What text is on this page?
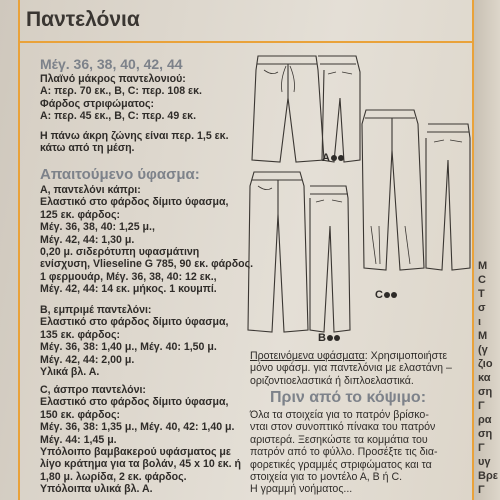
Παντελόνια
Μέγ. 36, 38, 40, 42, 44
Πλαϊνό μάκρος παντελονιού:
Α: περ. 70 εκ., B, C: περ. 108 εκ.
Φάρδος στριφώματος:
Α: περ. 45 εκ., B, C: περ. 49 εκ.
Η πάνω άκρη ζώνης είναι περ. 1,5 εκ.
κάτω από τη μέση.
Απαιτούμενο ύφασμα:
Α, παντελόνι κάπρι:
Ελαστικό στο φάρδος δίμιτο ύφασμα,
125 εκ. φάρδος:
Μέγ. 36, 38, 40: 1,25 μ.,
Μέγ. 42, 44: 1,30 μ.
0,20 μ. σιδερότυπη υφασμάτινη
ενίσχυση, Vlieseline G 785, 90 εκ. φάρδος.
1 φερμουάρ, Μέγ. 36, 38, 40: 12 εκ.,
Μέγ. 42, 44: 14 εκ. μήκος. 1 κουμπί.
Β, εμπριμέ παντελόνι:
Ελαστικό στο φάρδος δίμιτο ύφασμα,
135 εκ. φάρδος:
Μέγ. 36, 38: 1,40 μ., Μέγ. 40: 1,50 μ.
Μέγ. 42, 44: 2,00 μ.
Υλικά βλ. Α.
C, άσπρο παντελόνι:
Ελαστικό στο φάρδος δίμιτο ύφασμα,
150 εκ. φάρδος:
Μέγ. 36, 38: 1,35 μ., Μέγ. 40, 42: 1,40 μ.
Μέγ. 44: 1,45 μ.
Υπόλοιπο βαμβακερού υφάσματος με
λίγο κράτημα για τα βολάν, 45 x 10 εκ. ή
1,80 μ. λωρίδα, 2 εκ. φάρδος.
Υπόλοιπα υλικά βλ. Α.
A
C
B
Προτεινόμενα υφάσματα: Χρησιμοποιήστε
μόνο υφάσμ. για παντελόνια με ελαστάνη –
οριζοντιοελαστικά ή διπλοελαστικά.
Πριν από το κόψιμο:
Όλα τα στοιχεία για το πατρόν βρίσκο-
νται στον συνοπτικό πίνακα του πατρόν
αριστερά. Ξεσηκώστε τα κομμάτια του
πατρόν από το φύλλο. Προσέξτε τις δια-
φορετικές γραμμές στριφώματος και τα
στοιχεία για το μοντέλο Α, B ή C.
Η γραμμή νοήματος...
Μ
C
Τ
σ
ι
Μ
(γ
ζιο
κα
ση
Γ
ρα
ση
Γ
υγ
Βρε
Γ
